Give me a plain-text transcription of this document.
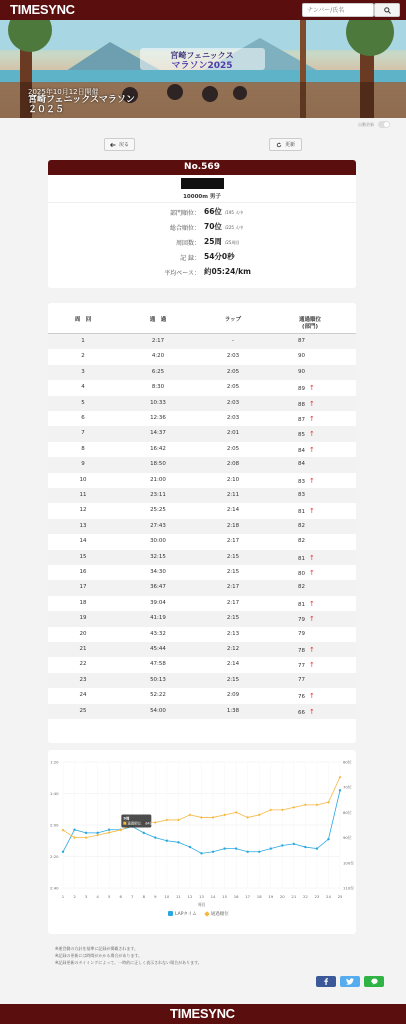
TIMESYNC
ナンバー/氏名
宮崎フェニックス
マラソン2025
2025年10月12日開催
宮崎フェニックスマラソン
２０２５
自動更新
戻る	更新
No.569
10000m 男子
部門順位： 66位 /195 人中
総合順位： 70位 /225 人中
周回数： 25周 /25周回
記 録： 54分0秒
平均ペース： 約05:24/km
周　回	通　過	ラップ	通過順位
(部門)
1	2:17	-	87
2	4:20	2:03	90
3	6:25	2:05	90
4	8:30	2:05	89 ↑
5	10:33	2:03	88 ↑
6	12:36	2:03	87 ↑
7	14:37	2:01	85 ↑
8	16:42	2:05	84 ↑
9	18:50	2:08	84
10	21:00	2:10	83 ↑
11	23:11	2:11	83
12	25:25	2:14	81 ↑
13	27:43	2:18	82
14	30:00	2:17	82
15	32:15	2:15	81 ↑
16	34:30	2:15	80 ↑
17	36:47	2:17	82
18	39:04	2:17	81 ↑
19	41:19	2:15	79 ↑
20	43:32	2:13	79
21	45:44	2:12	78 ↑
22	47:58	2:14	77 ↑
23	50:13	2:15	77
24	52:22	2:09	76 ↑
25	54:00	1:38	66 ↑
1:20
1:40
2:00
2:20
2:40
60位
70位
80位
90位
100位
110位
1 2 3 4 5 6 7 8 9 10 11 12 13 14 15 16 17 18 19 20 21 22 23 24 25
周回
9周
通過順位： 84位
LAPタイム	通過順位
※運営側の方針を基準に記録が掲載されます。
※記録の更新には時間がかかる場合があります。
※記録更新のタイミングによって、一時的に正しく表示されない場合があります。
TIMESYNC
